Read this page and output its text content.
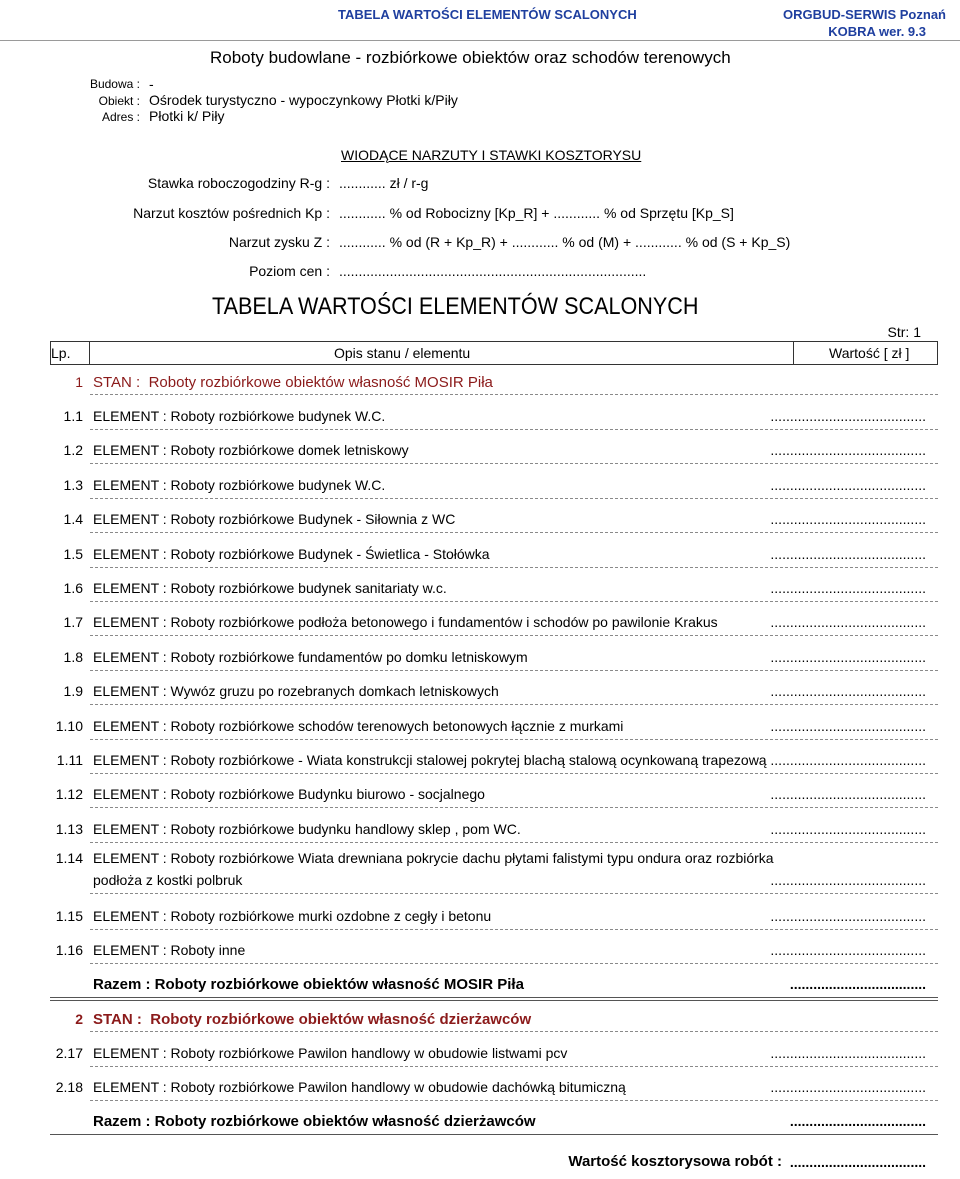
TABELA WARTOŚCI ELEMENTÓW SCALONYCH	ORGBUD-SERWIS Poznań
KOBRA wer. 9.3
Roboty budowlane - rozbiórkowe obiektów oraz schodów terenowych
Budowa : -
Obiekt : Ośrodek turystyczno - wypoczynkowy Płotki k/Piły
Adres : Płotki k/ Piły
WIODĄCE NARZUTY I STAWKI KOSZTORYSU
Stawka roboczogodziny R-g : ............ zł / r-g
Narzut kosztów pośrednich Kp : ............ % od Robocizny [Kp_R] + ............ % od Sprzętu [Kp_S]
Narzut zysku Z : ............ % od (R + Kp_R) + ............ % od (M) + ............ % od (S + Kp_S)
Poziom cen : ...............................................................................
TABELA WARTOŚCI ELEMENTÓW SCALONYCH
Str: 1
Lp.	Opis stanu / elementu	Wartość [ zł ]
1 STAN : Roboty rozbiórkowe obiektów własność MOSIR Piła
1.1 ELEMENT : Roboty rozbiórkowe budynek W.C.	........................................
1.2 ELEMENT : Roboty rozbiórkowe domek letniskowy	........................................
1.3 ELEMENT : Roboty rozbiórkowe budynek W.C.	........................................
1.4 ELEMENT : Roboty rozbiórkowe Budynek - Siłownia z WC	........................................
1.5 ELEMENT : Roboty rozbiórkowe Budynek - Świetlica - Stołówka	........................................
1.6 ELEMENT : Roboty rozbiórkowe budynek sanitariaty w.c.	........................................
1.7 ELEMENT : Roboty rozbiórkowe podłoża betonowego i fundamentów i schodów po pawilonie Krakus	........................................
1.8 ELEMENT : Roboty rozbiórkowe fundamentów po domku letniskowym	........................................
1.9 ELEMENT : Wywóz gruzu po rozebranych domkach letniskowych	........................................
1.10 ELEMENT : Roboty rozbiórkowe schodów terenowych betonowych łącznie z murkami	........................................
1.11 ELEMENT : Roboty rozbiórkowe - Wiata konstrukcji stalowej pokrytej blachą stalową ocynkowaną trapezową ........................................
1.12 ELEMENT : Roboty rozbiórkowe Budynku biurowo - socjalnego	........................................
1.13 ELEMENT : Roboty rozbiórkowe budynku handlowy sklep , pom WC.	........................................
1.14 ELEMENT : Roboty rozbiórkowe Wiata drewniana pokrycie dachu płytami falistymi typu ondura oraz rozbiórka
podłoża z kostki polbruk	........................................
1.15 ELEMENT : Roboty rozbiórkowe murki ozdobne z cegły i betonu	........................................
1.16 ELEMENT : Roboty inne	........................................
Razem : Roboty rozbiórkowe obiektów własność MOSIR Piła	...................................
2 STAN : Roboty rozbiórkowe obiektów własność dzierżawców
2.17 ELEMENT : Roboty rozbiórkowe Pawilon handlowy w obudowie listwami pcv	........................................
2.18 ELEMENT : Roboty rozbiórkowe Pawilon handlowy w obudowie dachówką bitumiczną	........................................
Razem : Roboty rozbiórkowe obiektów własność dzierżawców	...................................
Wartość kosztorysowa robót : ...................................
